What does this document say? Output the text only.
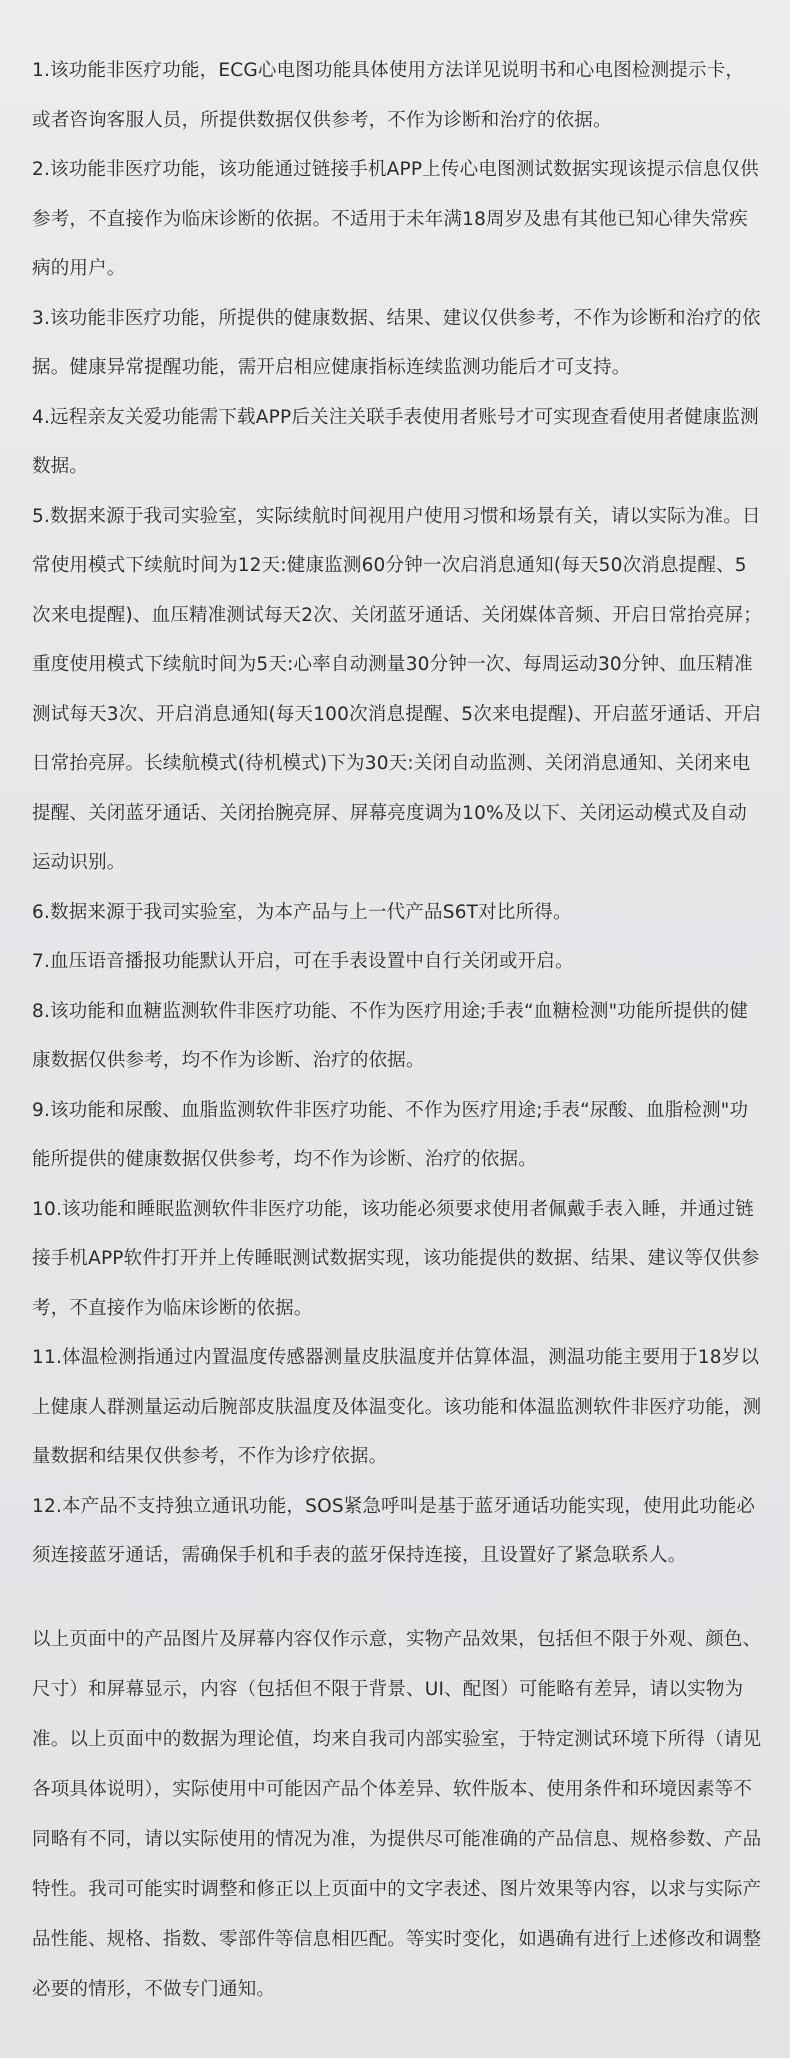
1.该功能非医疗功能，ECG心电图功能具体使用方法详见说明书和心电图检测提示卡，或者咨询客服人员，所提供数据仅供参考，不作为诊断和治疗的依据。

2.该功能非医疗功能，该功能通过链接手机APP上传心电图测试数据实现该提示信息仅供参考，不直接作为临床诊断的依据。不适用于未年满18周岁及患有其他已知心律失常疾病的用户。

3.该功能非医疗功能，所提供的健康数据、结果、建议仅供参考，不作为诊断和治疗的依据。健康异常提醒功能，需开启相应健康指标连续监测功能后才可支持。

4.远程亲友关爱功能需下载APP后关注关联手表使用者账号才可实现查看使用者健康监测数据。

5.数据来源于我司实验室，实际续航时间视用户使用习惯和场景有关，请以实际为准。日常使用模式下续航时间为12天:健康监测60分钟一次启消息通知(每天50次消息提醒、5次来电提醒)、血压精准测试每天2次、关闭蓝牙通话、关闭媒体音频、开启日常抬亮屏；重度使用模式下续航时间为5天:心率自动测量30分钟一次、每周运动30分钟、血压精准测试每天3次、开启消息通知(每天100次消息提醒、5次来电提醒)、开启蓝牙通话、开启日常抬亮屏。长续航模式(待机模式)下为30天:关闭自动监测、关闭消息通知、关闭来电提醒、关闭蓝牙通话、关闭抬腕亮屏、屏幕亮度调为10%及以下、关闭运动模式及自动运动识别。

6.数据来源于我司实验室，为本产品与上一代产品S6T对比所得。

7.血压语音播报功能默认开启，可在手表设置中自行关闭或开启。

8.该功能和血糖监测软件非医疗功能、不作为医疗用途;手表“血糖检测"功能所提供的健康数据仅供参考，均不作为诊断、治疗的依据。

9.该功能和尿酸、血脂监测软件非医疗功能、不作为医疗用途;手表“尿酸、血脂检测"功能所提供的健康数据仅供参考，均不作为诊断、治疗的依据。

10.该功能和睡眠监测软件非医疗功能，该功能必须要求使用者佩戴手表入睡，并通过链接手机APP软件打开并上传睡眠测试数据实现，该功能提供的数据、结果、建议等仅供参考，不直接作为临床诊断的依据。

11.体温检测指通过内置温度传感器测量皮肤温度并估算体温，测温功能主要用于18岁以上健康人群测量运动后腕部皮肤温度及体温变化。该功能和体温监测软件非医疗功能，测量数据和结果仅供参考，不作为诊疗依据。

12.本产品不支持独立通讯功能，SOS紧急呼叫是基于蓝牙通话功能实现，使用此功能必须连接蓝牙通话，需确保手机和手表的蓝牙保持连接，且设置好了紧急联系人。

以上页面中的产品图片及屏幕内容仅作示意，实物产品效果，包括但不限于外观、颜色、尺寸）和屏幕显示，内容（包括但不限于背景、UI、配图）可能略有差异，请以实物为准。以上页面中的数据为理论值，均来自我司内部实验室，于特定测试环境下所得（请见各项具体说明），实际使用中可能因产品个体差异、软件版本、使用条件和环境因素等不同略有不同，请以实际使用的情况为准，为提供尽可能准确的产品信息、规格参数、产品特性。我司可能实时调整和修正以上页面中的文字表述、图片效果等内容，以求与实际产品性能、规格、指数、零部件等信息相匹配。等实时变化，如遇确有进行上述修改和调整必要的情形，不做专门通知。
